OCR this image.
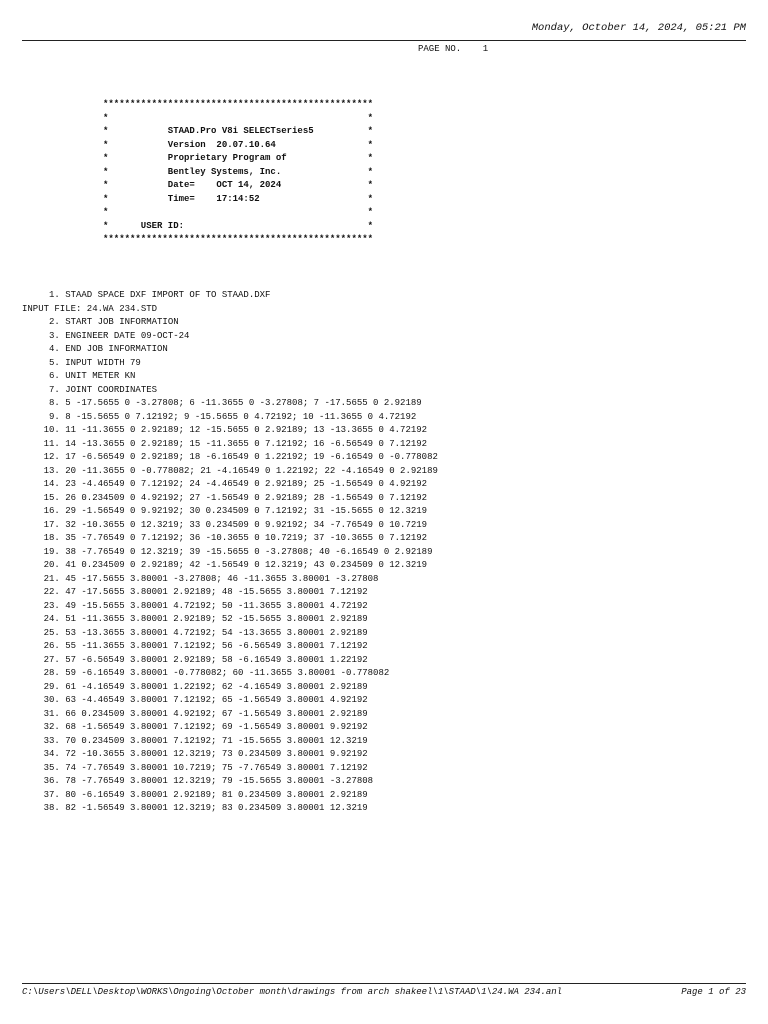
Monday, October 14, 2024, 05:21 PM
PAGE NO.    1
**************************************************
*                                                *
*           STAAD.Pro V8i SELECTseries5          *
*           Version  20.07.10.64                 *
*           Proprietary Program of               *
*           Bentley Systems, Inc.                *
*           Date=    OCT 14, 2024                *
*           Time=    17:14:52                    *
*                                                *
*      USER ID:                                  *
**************************************************
1. STAAD SPACE DXF IMPORT OF TO STAAD.DXF
INPUT FILE: 24.WA 234.STD
2. START JOB INFORMATION
3. ENGINEER DATE 09-OCT-24
4. END JOB INFORMATION
5. INPUT WIDTH 79
6. UNIT METER KN
7. JOINT COORDINATES
8. 5 -17.5655 0 -3.27808; 6 -11.3655 0 -3.27808; 7 -17.5655 0 2.92189
9. 8 -15.5655 0 7.12192; 9 -15.5655 0 4.72192; 10 -11.3655 0 4.72192
10. 11 -11.3655 0 2.92189; 12 -15.5655 0 2.92189; 13 -13.3655 0 4.72192
11. 14 -13.3655 0 2.92189; 15 -11.3655 0 7.12192; 16 -6.56549 0 7.12192
12. 17 -6.56549 0 2.92189; 18 -6.16549 0 1.22192; 19 -6.16549 0 -0.778082
13. 20 -11.3655 0 -0.778082; 21 -4.16549 0 1.22192; 22 -4.16549 0 2.92189
14. 23 -4.46549 0 7.12192; 24 -4.46549 0 2.92189; 25 -1.56549 0 4.92192
15. 26 0.234509 0 4.92192; 27 -1.56549 0 2.92189; 28 -1.56549 0 7.12192
16. 29 -1.56549 0 9.92192; 30 0.234509 0 7.12192; 31 -15.5655 0 12.3219
17. 32 -10.3655 0 12.3219; 33 0.234509 0 9.92192; 34 -7.76549 0 10.7219
18. 35 -7.76549 0 7.12192; 36 -10.3655 0 10.7219; 37 -10.3655 0 7.12192
19. 38 -7.76549 0 12.3219; 39 -15.5655 0 -3.27808; 40 -6.16549 0 2.92189
20. 41 0.234509 0 2.92189; 42 -1.56549 0 12.3219; 43 0.234509 0 12.3219
21. 45 -17.5655 3.80001 -3.27808; 46 -11.3655 3.80001 -3.27808
22. 47 -17.5655 3.80001 2.92189; 48 -15.5655 3.80001 7.12192
23. 49 -15.5655 3.80001 4.72192; 50 -11.3655 3.80001 4.72192
24. 51 -11.3655 3.80001 2.92189; 52 -15.5655 3.80001 2.92189
25. 53 -13.3655 3.80001 4.72192; 54 -13.3655 3.80001 2.92189
26. 55 -11.3655 3.80001 7.12192; 56 -6.56549 3.80001 7.12192
27. 57 -6.56549 3.80001 2.92189; 58 -6.16549 3.80001 1.22192
28. 59 -6.16549 3.80001 -0.778082; 60 -11.3655 3.80001 -0.778082
29. 61 -4.16549 3.80001 1.22192; 62 -4.16549 3.80001 2.92189
30. 63 -4.46549 3.80001 7.12192; 65 -1.56549 3.80001 4.92192
31. 66 0.234509 3.80001 4.92192; 67 -1.56549 3.80001 2.92189
32. 68 -1.56549 3.80001 7.12192; 69 -1.56549 3.80001 9.92192
33. 70 0.234509 3.80001 7.12192; 71 -15.5655 3.80001 12.3219
34. 72 -10.3655 3.80001 12.3219; 73 0.234509 3.80001 9.92192
35. 74 -7.76549 3.80001 10.7219; 75 -7.76549 3.80001 7.12192
36. 78 -7.76549 3.80001 12.3219; 79 -15.5655 3.80001 -3.27808
37. 80 -6.16549 3.80001 2.92189; 81 0.234509 3.80001 2.92189
38. 82 -1.56549 3.80001 12.3219; 83 0.234509 3.80001 12.3219
C:\Users\DELL\Desktop\WORKS\Ongoing\October month\drawings from arch shakeel\1\STAAD\1\24.WA 234.anl	Page 1 of 23
